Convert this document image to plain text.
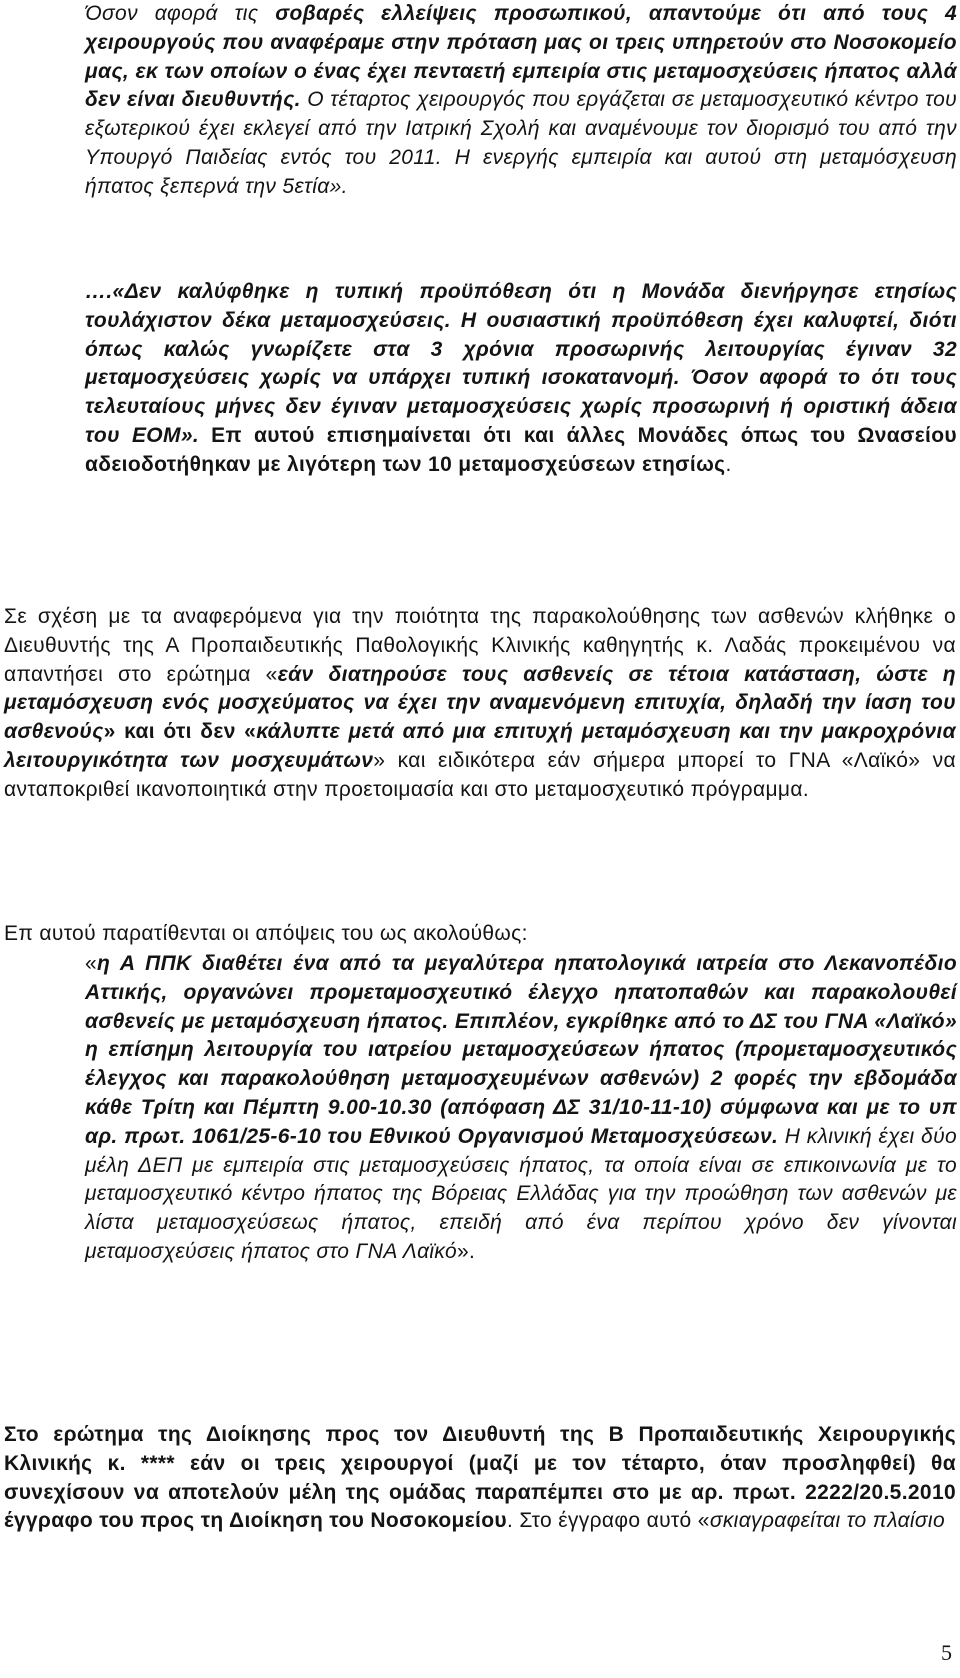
Όσον αφορά τις σοβαρές ελλείψεις προσωπικού, απαντούμε ότι από τους 4 χειρουργούς που αναφέραμε στην πρόταση μας οι τρεις υπηρετούν στο Νοσοκομείο μας, εκ των οποίων ο ένας έχει πενταετή εμπειρία στις μεταμοσχεύσεις ήπατος αλλά δεν είναι διευθυντής. Ο τέταρτος χειρουργός που εργάζεται σε μεταμοσχευτικό κέντρο του εξωτερικού έχει εκλεγεί από την Ιατρική Σχολή και αναμένουμε τον διορισμό του από την Υπουργό Παιδείας εντός του 2011. Η ενεργής εμπειρία και αυτού στη μεταμόσχευση ήπατος ξεπερνά την 5ετία».

….«Δεν καλύφθηκε η τυπική προϋπόθεση ότι η Μονάδα διενήργησε ετησίως τουλάχιστον δέκα μεταμοσχεύσεις. Η ουσιαστική προϋπόθεση έχει καλυφτεί, διότι όπως καλώς γνωρίζετε στα 3 χρόνια προσωρινής λειτουργίας έγιναν 32 μεταμοσχεύσεις χωρίς να υπάρχει τυπική ισοκατανομή. Όσον αφορά το ότι τους τελευταίους μήνες δεν έγιναν μεταμοσχεύσεις χωρίς προσωρινή ή οριστική άδεια του ΕΟΜ». Επ αυτού επισημαίνεται ότι και άλλες Μονάδες όπως του Ωνασείου αδειοδοτήθηκαν με λιγότερη των 10 μεταμοσχεύσεων ετησίως.

Σε σχέση με τα αναφερόμενα για την ποιότητα της παρακολούθησης των ασθενών κλήθηκε ο Διευθυντής της Α Προπαιδευτικής Παθολογικής Κλινικής καθηγητής κ. Λαδάς προκειμένου να απαντήσει στο ερώτημα «εάν διατηρούσε τους ασθενείς σε τέτοια κατάσταση, ώστε η μεταμόσχευση ενός μοσχεύματος να έχει την αναμενόμενη επιτυχία, δηλαδή την ίαση του ασθενούς» και ότι δεν «κάλυπτε μετά από μια επιτυχή μεταμόσχευση και την μακροχρόνια λειτουργικότητα των μοσχευμάτων» και ειδικότερα εάν σήμερα μπορεί το ΓΝΑ «Λαϊκό» να ανταποκριθεί ικανοποιητικά στην προετοιμασία και στο μεταμοσχευτικό πρόγραμμα.

Επ αυτού παρατίθενται οι απόψεις του ως ακολούθως:

«η Α ΠΠΚ διαθέτει ένα από τα μεγαλύτερα ηπατολογικά ιατρεία στο Λεκανοπέδιο Αττικής, οργανώνει προμεταμοσχευτικό έλεγχο ηπατοπαθών και παρακολουθεί ασθενείς με μεταμόσχευση ήπατος. Επιπλέον, εγκρίθηκε από το ΔΣ του ΓΝΑ «Λαϊκό» η επίσημη λειτουργία του ιατρείου μεταμοσχεύσεων ήπατος (προμεταμοσχευτικός έλεγχος και παρακολούθηση μεταμοσχευμένων ασθενών) 2 φορές την εβδομάδα κάθε Τρίτη και Πέμπτη 9.00-10.30 (απόφαση ΔΣ 31/10-11-10) σύμφωνα και με το υπ αρ. πρωτ. 1061/25-6-10 του Εθνικού Οργανισμού Μεταμοσχεύσεων. Η κλινική έχει δύο μέλη ΔΕΠ με εμπειρία στις μεταμοσχεύσεις ήπατος, τα οποία είναι σε επικοινωνία με το μεταμοσχευτικό κέντρο ήπατος της Βόρειας Ελλάδας για την προώθηση των ασθενών με λίστα μεταμοσχεύσεως ήπατος, επειδή από ένα περίπου χρόνο δεν γίνονται μεταμοσχεύσεις ήπατος στο ΓΝΑ Λαϊκό».

Στο ερώτημα της Διοίκησης προς τον Διευθυντή της Β Προπαιδευτικής Χειρουργικής Κλινικής κ. **** εάν οι τρεις χειρουργοί (μαζί με τον τέταρτο, όταν προσληφθεί) θα συνεχίσουν να αποτελούν μέλη της ομάδας παραπέμπει στο με αρ. πρωτ. 2222/20.5.2010 έγγραφο του προς τη Διοίκηση του Νοσοκομείου. Στο έγγραφο αυτό «σκιαγραφείται το πλαίσιο

5
